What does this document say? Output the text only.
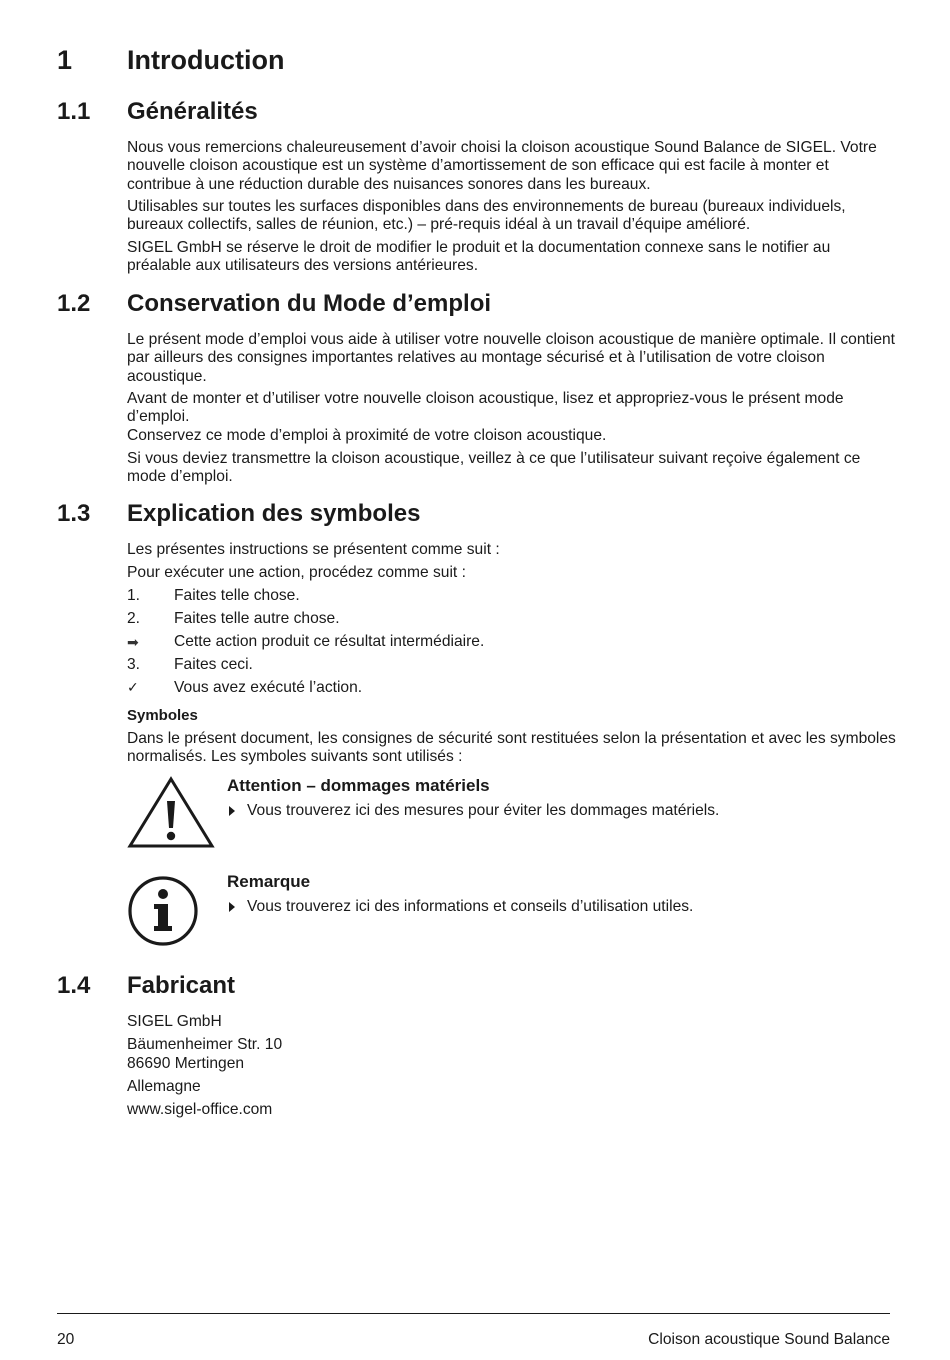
1 Introduction
1.1 Généralités

Nous vous remercions chaleureusement d’avoir choisi la cloison acoustique Sound Balance de SIGEL. Votre nouvelle cloison acoustique est un système d’amortissement de son efficace qui est facile à monter et contribue à une réduction durable des nuisances sonores dans les bureaux.

Utilisables sur toutes les surfaces disponibles dans des environnements de bureau (bureaux individuels, bureaux collectifs, salles de réunion, etc.) – pré-requis idéal à un travail d’équipe amélioré.

SIGEL GmbH se réserve le droit de modifier le produit et la documentation connexe sans le notifier au préalable aux utilisateurs des versions antérieures.

1.2 Conservation du Mode d’emploi

Le présent mode d’emploi vous aide à utiliser votre nouvelle cloison acoustique de manière optimale. Il contient par ailleurs des consignes importantes relatives au montage sécurisé et à l’utilisation de votre cloison acoustique.

Avant de monter et d’utiliser votre nouvelle cloison acoustique, lisez et appropriez-vous le présent mode d’emploi.

Conservez ce mode d’emploi à proximité de votre cloison acoustique.

Si vous deviez transmettre la cloison acoustique, veillez à ce que l’utilisateur suivant reçoive également ce mode d’emploi.

1.3 Explication des symboles

Les présentes instructions se présentent comme suit :

Pour exécuter une action, procédez comme suit :

1. Faites telle chose.
2. Faites telle autre chose.
➡ Cette action produit ce résultat intermédiaire.
3. Faites ceci.
✓ Vous avez exécuté l’action.
Symboles

Dans le présent document, les consignes de sécurité sont restituées selon la présentation et avec les symboles normalisés. Les symboles suivants sont utilisés :

Attention – dommages matériels
Vous trouverez ici des mesures pour éviter les dommages matériels.
Remarque
Vous trouverez ici des informations et conseils d’utilisation utiles.
1.4 Fabricant

SIGEL GmbH

Bäumenheimer Str. 10

86690 Mertingen

Allemagne

www.sigel-office.com

20	Cloison acoustique Sound Balance
